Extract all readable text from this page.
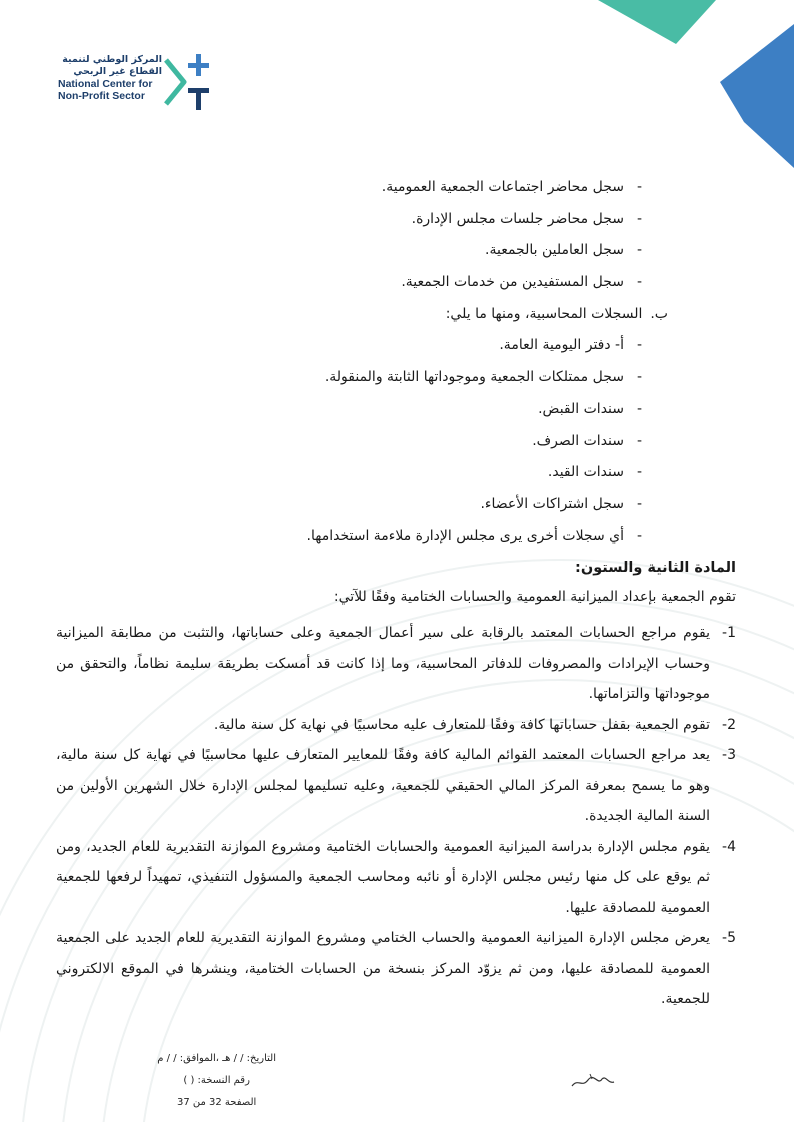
المركز الوطني لتنمية
القطاع غير الربحي
National Center for
Non-Profit Sector
-
سجل محاضر اجتماعات الجمعية العمومية.
-
سجل محاضر جلسات مجلس الإدارة.
-
سجل العاملين بالجمعية.
-
سجل المستفيدين من خدمات الجمعية.
ب.السجلات المحاسبية، ومنها ما يلي:
-
أ- دفتر اليومية العامة.
-
سجل ممتلكات الجمعية وموجوداتها الثابتة والمنقولة.
-
سندات القبض.
-
سندات الصرف.
-
سندات القيد.
-
سجل اشتراكات الأعضاء.
-
أي سجلات أخرى يرى مجلس الإدارة ملاءمة استخدامها.
المادة الثانية والستون:
تقوم الجمعية بإعداد الميزانية العمومية والحسابات الختامية وفقًا للآتي:
1-
يقوم مراجع الحسابات المعتمد بالرقابة على سير أعمال الجمعية وعلى حساباتها، والتثبت من مطابقة الميزانية وحساب الإيرادات والمصروفات للدفاتر المحاسبية، وما إذا كانت قد أمسكت بطريقة سليمة نظاماً، والتحقق من موجوداتها والتزاماتها.
2-
تقوم الجمعية بقفل حساباتها كافة وفقًا للمتعارف عليه محاسبيًا في نهاية كل سنة مالية.
3-
يعد مراجع الحسابات المعتمد القوائم المالية كافة وفقًا للمعايير المتعارف عليها محاسبيًا في نهاية كل سنة مالية، وهو ما يسمح بمعرفة المركز المالي الحقيقي للجمعية، وعليه تسليمها لمجلس الإدارة خلال الشهرين الأولين من السنة المالية الجديدة.
4-
يقوم مجلس الإدارة بدراسة الميزانية العمومية والحسابات الختامية ومشروع الموازنة التقديرية للعام الجديد، ومن ثم يوقع على كل منها رئيس مجلس الإدارة أو نائبه ومحاسب الجمعية والمسؤول التنفيذي، تمهيداً لرفعها للجمعية العمومية للمصادقة عليها.
5-
يعرض مجلس الإدارة الميزانية العمومية والحساب الختامي ومشروع الموازنة التقديرية للعام الجديد على الجمعية العمومية للمصادقة عليها، ومن ثم يزوّد المركز بنسخة من الحسابات الختامية، وينشرها في الموقع الالكتروني للجمعية.
التاريخ: / / هـ ،الموافق: / / م
رقم النسخة: ( )
الصفحة 32 من 37
